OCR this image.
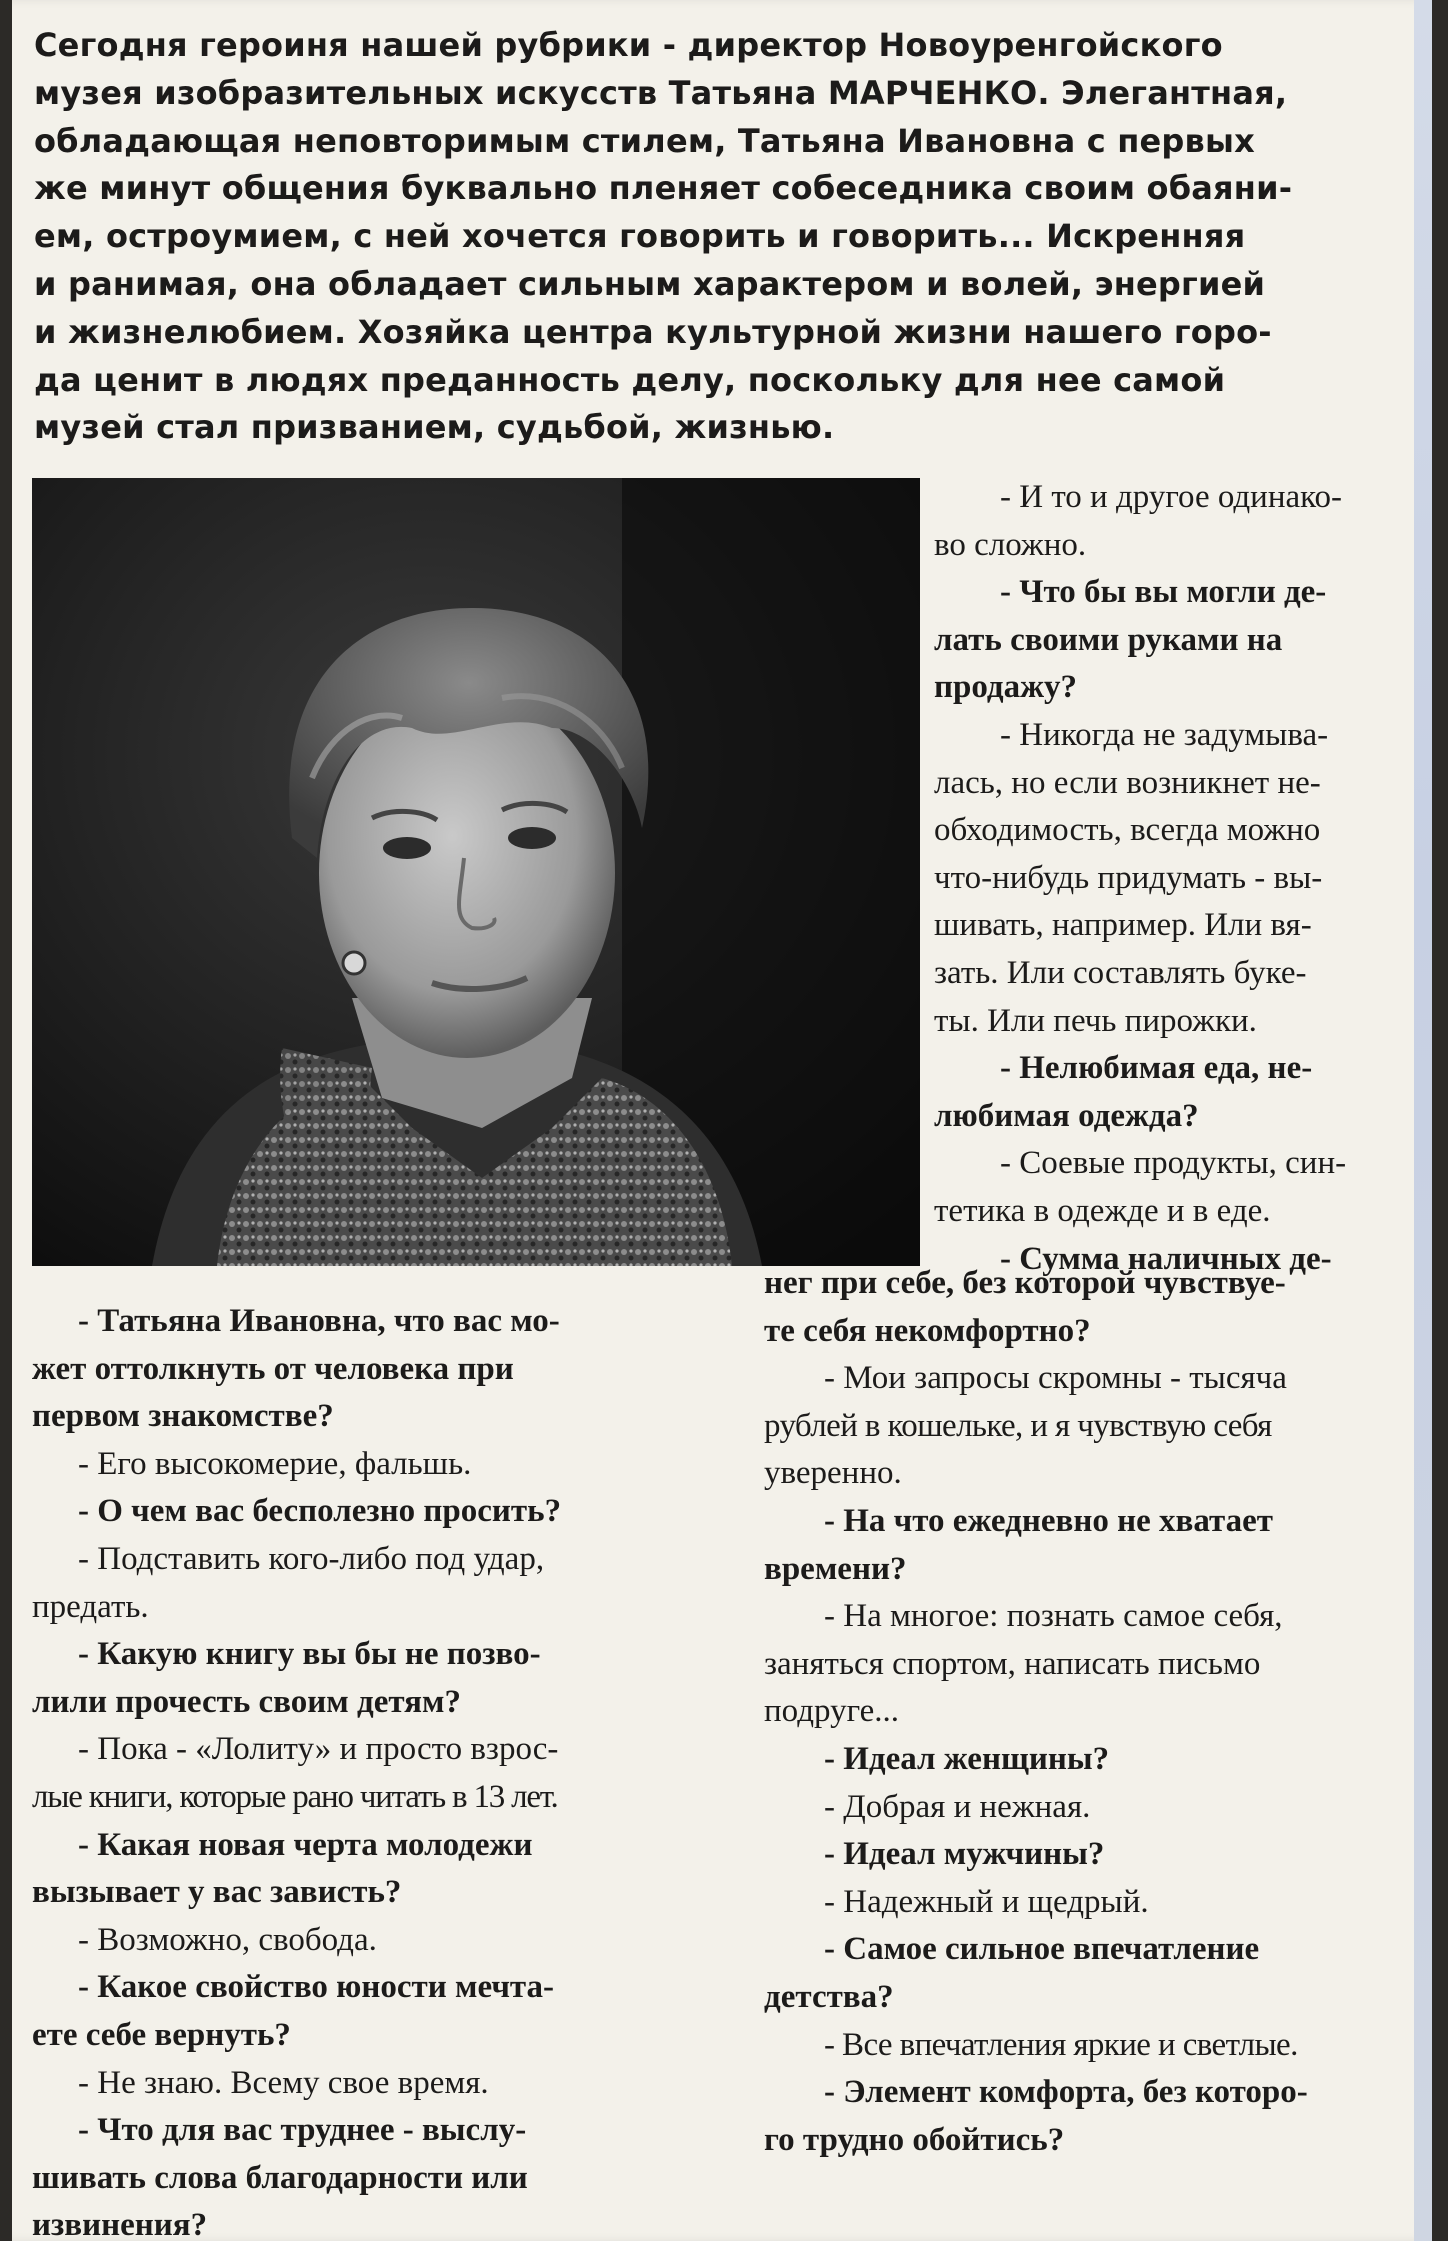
Сегодня героиня нашей рубрики - директор Новоуренгойского
музея изобразительных искусств Татьяна МАРЧЕНКО. Элегантная,
обладающая неповторимым стилем, Татьяна Ивановна с первых
же минут общения буквально пленяет собеседника своим обаяни-
ем, остроумием, с ней хочется говорить и говорить... Искренняя
и ранимая, она обладает сильным характером и волей, энергией
и жизнелюбием. Хозяйка центра культурной жизни нашего горо-
да ценит в людях преданность делу, поскольку для нее самой
музей стал призванием, судьбой, жизнью.
- И то и другое одинако-
во сложно.
- Что бы вы могли де-
лать своими руками на
продажу?
- Никогда не задумыва-
лась, но если возникнет не-
обходимость, всегда можно
что-нибудь придумать - вы-
шивать, например. Или вя-
зать. Или составлять буке-
ты. Или печь пирожки.
- Нелюбимая еда, не-
любимая одежда?
- Соевые продукты, син-
тетика в одежде и в еде.
- Сумма наличных де-
- Татьяна Ивановна, что вас мо-
жет оттолкнуть от человека при
первом знакомстве?
- Его высокомерие, фальшь.
- О чем вас бесполезно просить?
- Подставить кого-либо под удар,
предать.
- Какую книгу вы бы не позво-
лили прочесть своим детям?
- Пока - «Лолиту» и просто взрос-
лые книги, которые рано читать в 13 лет.
- Какая новая черта молодежи
вызывает у вас зависть?
- Возможно, свобода.
- Какое свойство юности мечта-
ете себе вернуть?
- Не знаю. Всему свое время.
- Что для вас труднее - выслу-
шивать слова благодарности или
извинения?
нег при себе, без которой чувствуе-
те себя некомфортно?
- Мои запросы скромны - тысяча
рублей в кошельке, и я чувствую себя
уверенно.
- На что ежедневно не хватает
времени?
- На многое: познать самое себя,
заняться спортом, написать письмо
подруге...
- Идеал женщины?
- Добрая и нежная.
- Идеал мужчины?
- Надежный и щедрый.
- Самое сильное впечатление
детства?
- Все впечатления яркие и светлые.
- Элемент комфорта, без которо-
го трудно обойтись?
